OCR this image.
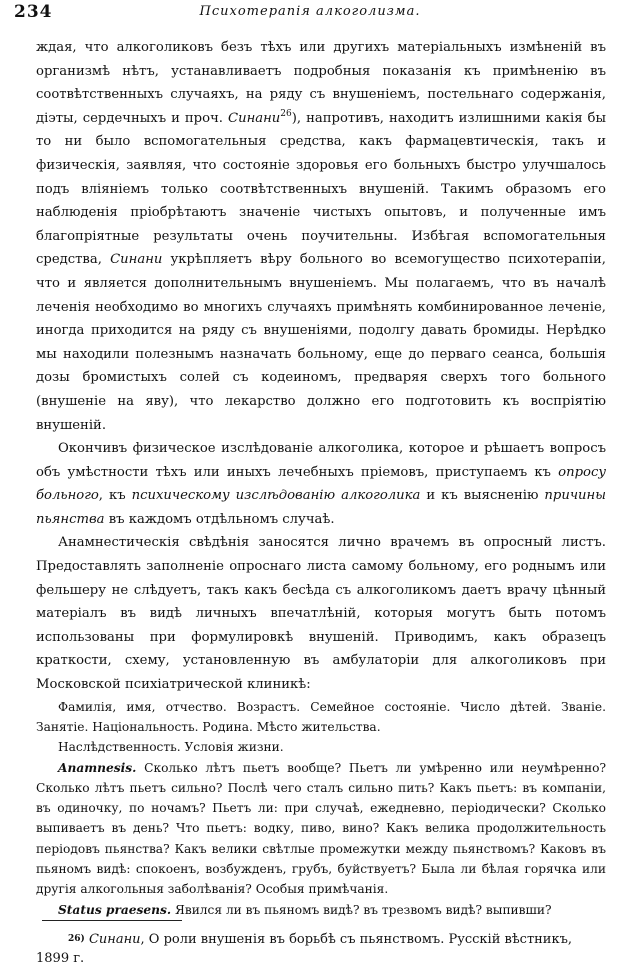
234	Психотерапія алкоголизма.

ждая, что алкоголиковъ безъ тѣхъ или другихъ матеріальныхъ измѣненій въ организмѣ нѣтъ, устанавливаетъ подробныя показанія къ примѣненію въ соотвѣтственныхъ случаяхъ, на ряду съ внушеніемъ, постельнаго содержанія, діэты, сердечныхъ и проч. Синани$^{26}$), напротивъ, находитъ излишними какія бы то ни было вспомогательныя средства, какъ фармацевтическія, такъ и физическія, заявляя, что состояніе здоровья его больныхъ быстро улучшалось подъ вліяніемъ только соотвѣтственныхъ внушеній. Такимъ образомъ его наблюденія пріобрѣтаютъ значеніе чистыхъ опытовъ, и полученные имъ благопріятные результаты очень поучительны. Избѣгая вспомогательныя средства, Синани укрѣпляетъ вѣру больного во всемогущество психотерапіи, что и является дополнительнымъ внушеніемъ. Мы полагаемъ, что въ началѣ леченія необходимо во многихъ случаяхъ примѣнять комбинированное леченіе, иногда приходится на ряду съ внушеніями, подолгу давать бромиды. Нерѣдко мы находили полезнымъ назначать больному, еще до перваго сеанса, большія дозы бромистыхъ солей съ кодеиномъ, предваряя сверхъ того больного (внушеніе на яву), что лекарство должно его подготовить къ воспріятію внушеній.

Окончивъ физическое изслѣдованіе алкоголика, которое и рѣшаетъ вопросъ объ умѣстности тѣхъ или иныхъ лечебныхъ пріемовъ, приступаемъ къ опросу больного, къ психическому изслѣдованію алкоголика и къ выясненію причины пьянства въ каждомъ отдѣльномъ случаѣ.

Анамнестическія свѣдѣнія заносятся лично врачемъ въ опросный листъ. Предоставлять заполненіе опроснаго листа самому больному, его роднымъ или фельшеру не слѣдуетъ, такъ какъ бесѣда съ алкоголикомъ даетъ врачу цѣнный матеріалъ въ видѣ личныхъ впечатлѣній, которыя могутъ быть потомъ использованы при формулировкѣ внушеній. Приводимъ, какъ образецъ краткости, схему, установленную въ амбулаторіи для алкоголиковъ при Московской психіатрической клиникѣ:

Фамилія, имя, отчество. Возрастъ. Семейное состояніе. Число дѣтей. Званіе. Занятіе. Національность. Родина. Мѣсто жительства.

Наслѣдственность. Условія жизни.

Anamnesis. Сколько лѣтъ пьетъ вообще? Пьетъ ли умѣренно или неумѣренно? Сколько лѣтъ пьетъ сильно? Послѣ чего сталъ сильно пить? Какъ пьетъ: въ компаніи, въ одиночку, по ночамъ? Пьетъ ли: при случаѣ, ежедневно, періодически? Сколько выпиваетъ въ день? Что пьетъ: водку, пиво, вино? Какъ велика продолжительность періодовъ пьянства? Какъ велики свѣтлые промежутки между пьянствомъ? Каковъ въ пьяномъ видѣ: спокоенъ, возбужденъ, грубъ, буйствуетъ? Была ли бѣлая горячка или другія алкогольныя заболѣванія? Особыя примѣчанія.

Status praesens. Явился ли въ пьяномъ видѣ? въ трезвомъ видѣ? выпивши?

$^{26)}$ Синани, О роли внушенія въ борьбѣ съ пьянствомъ. Русскій вѣстникъ, 1899 г.
